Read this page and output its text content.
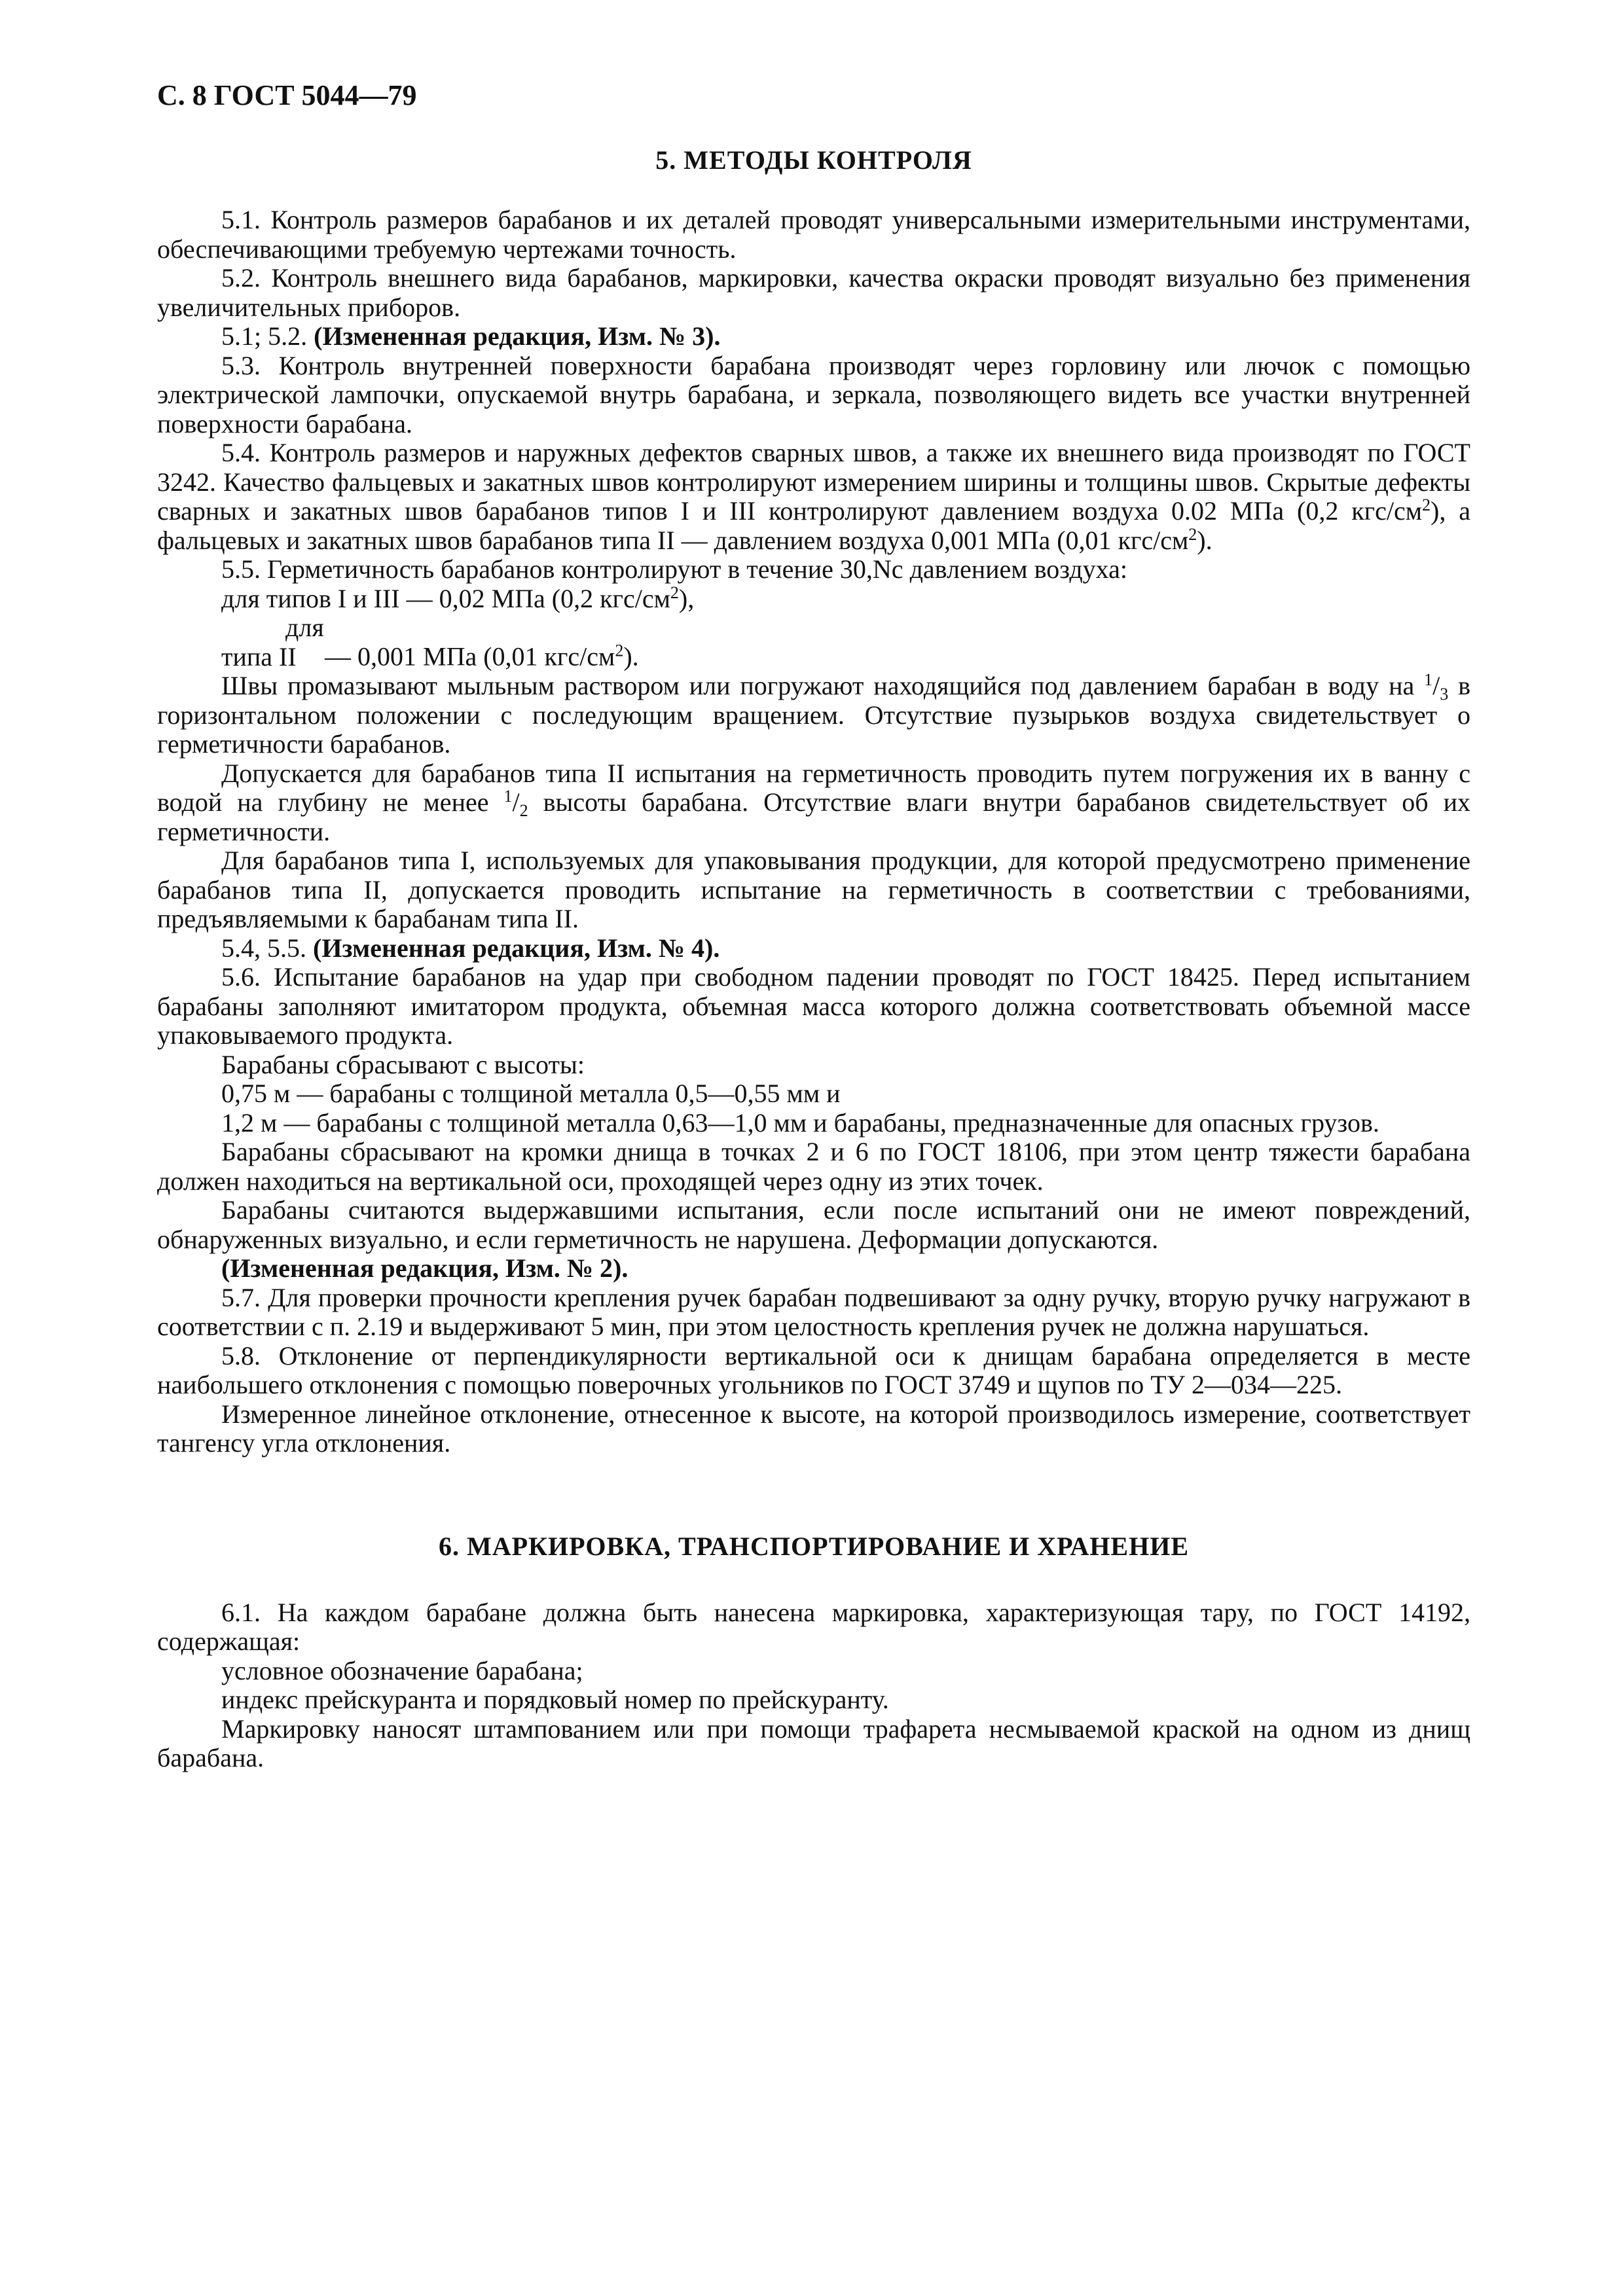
С. 8 ГОСТ 5044—79
5. МЕТОДЫ КОНТРОЛЯ

5.1. Контроль размеров барабанов и их деталей проводят универсальными измерительными инструментами, обеспечивающими требуемую чертежами точность.

5.2. Контроль внешнего вида барабанов, маркировки, качества окраски проводят визуально без применения увеличительных приборов.

5.1; 5.2. (Измененная редакция, Изм. № 3).

5.3. Контроль внутренней поверхности барабана производят через горловину или лючок с помощью электрической лампочки, опускаемой внутрь барабана, и зеркала, позволяющего видеть все участки внутренней поверхности барабана.

5.4. Контроль размеров и наружных дефектов сварных швов, а также их внешнего вида производят по ГОСТ 3242. Качество фальцевых и закатных швов контролируют измерением ширины и толщины швов. Скрытые дефекты сварных и закатных швов барабанов типов I и III контролируют давлением воздуха 0.02 МПа (0,2 кгс/$см^2$), а фальцевых и закатных швов барабанов типа II — давлением воздуха 0,001 МПа (0,01 кгс/$см^2$).

5.5. Герметичность барабанов контролируют в течение 30,Nc давлением воздуха:

для типов I и III — 0,02 МПа (0,2 кгс/$см^2$),

для типа II — 0,001 МПа (0,01 кгс/$см^2$).

Швы промазывают мыльным раствором или погружают находящийся под давлением барабан в воду на $^1/_3$ в горизонтальном положении с последующим вращением. Отсутствие пузырьков воздуха свидетельствует о герметичности барабанов.

Допускается для барабанов типа II испытания на герметичность проводить путем погружения их в ванну с водой на глубину не менее $^1/_2$ высоты барабана. Отсутствие влаги внутри барабанов свидетельствует об их герметичности.

Для барабанов типа I, используемых для упаковывания продукции, для которой предусмотрено применение барабанов типа II, допускается проводить испытание на герметичность в соответствии с требованиями, предъявляемыми к барабанам типа II.

5.4, 5.5. (Измененная редакция, Изм. № 4).

5.6. Испытание барабанов на удар при свободном падении проводят по ГОСТ 18425. Перед испытанием барабаны заполняют имитатором продукта, объемная масса которого должна соответствовать объемной массе упаковываемого продукта.

Барабаны сбрасывают с высоты:

0,75 м — барабаны с толщиной металла 0,5—0,55 мм и

1,2 м — барабаны с толщиной металла 0,63—1,0 мм и барабаны, предназначенные для опасных грузов.

Барабаны сбрасывают на кромки днища в точках 2 и 6 по ГОСТ 18106, при этом центр тяжести барабана должен находиться на вертикальной оси, проходящей через одну из этих точек.

Барабаны считаются выдержавшими испытания, если после испытаний они не имеют повреждений, обнаруженных визуально, и если герметичность не нарушена. Деформации допускаются.

(Измененная редакция, Изм. № 2).

5.7. Для проверки прочности крепления ручек барабан подвешивают за одну ручку, вторую ручку нагружают в соответствии с п. 2.19 и выдерживают 5 мин, при этом целостность крепления ручек не должна нарушаться.

5.8. Отклонение от перпендикулярности вертикальной оси к днищам барабана определяется в месте наибольшего отклонения с помощью поверочных угольников по ГОСТ 3749 и щупов по ТУ 2—034—225.

Измеренное линейное отклонение, отнесенное к высоте, на которой производилось измерение, соответствует тангенсу угла отклонения.

6. МАРКИРОВКА, ТРАНСПОРТИРОВАНИЕ И ХРАНЕНИЕ

6.1. На каждом барабане должна быть нанесена маркировка, характеризующая тару, по ГОСТ 14192, содержащая:

условное обозначение барабана;

индекс прейскуранта и порядковый номер по прейскуранту.

Маркировку наносят штампованием или при помощи трафарета несмываемой краской на одном из днищ барабана.
